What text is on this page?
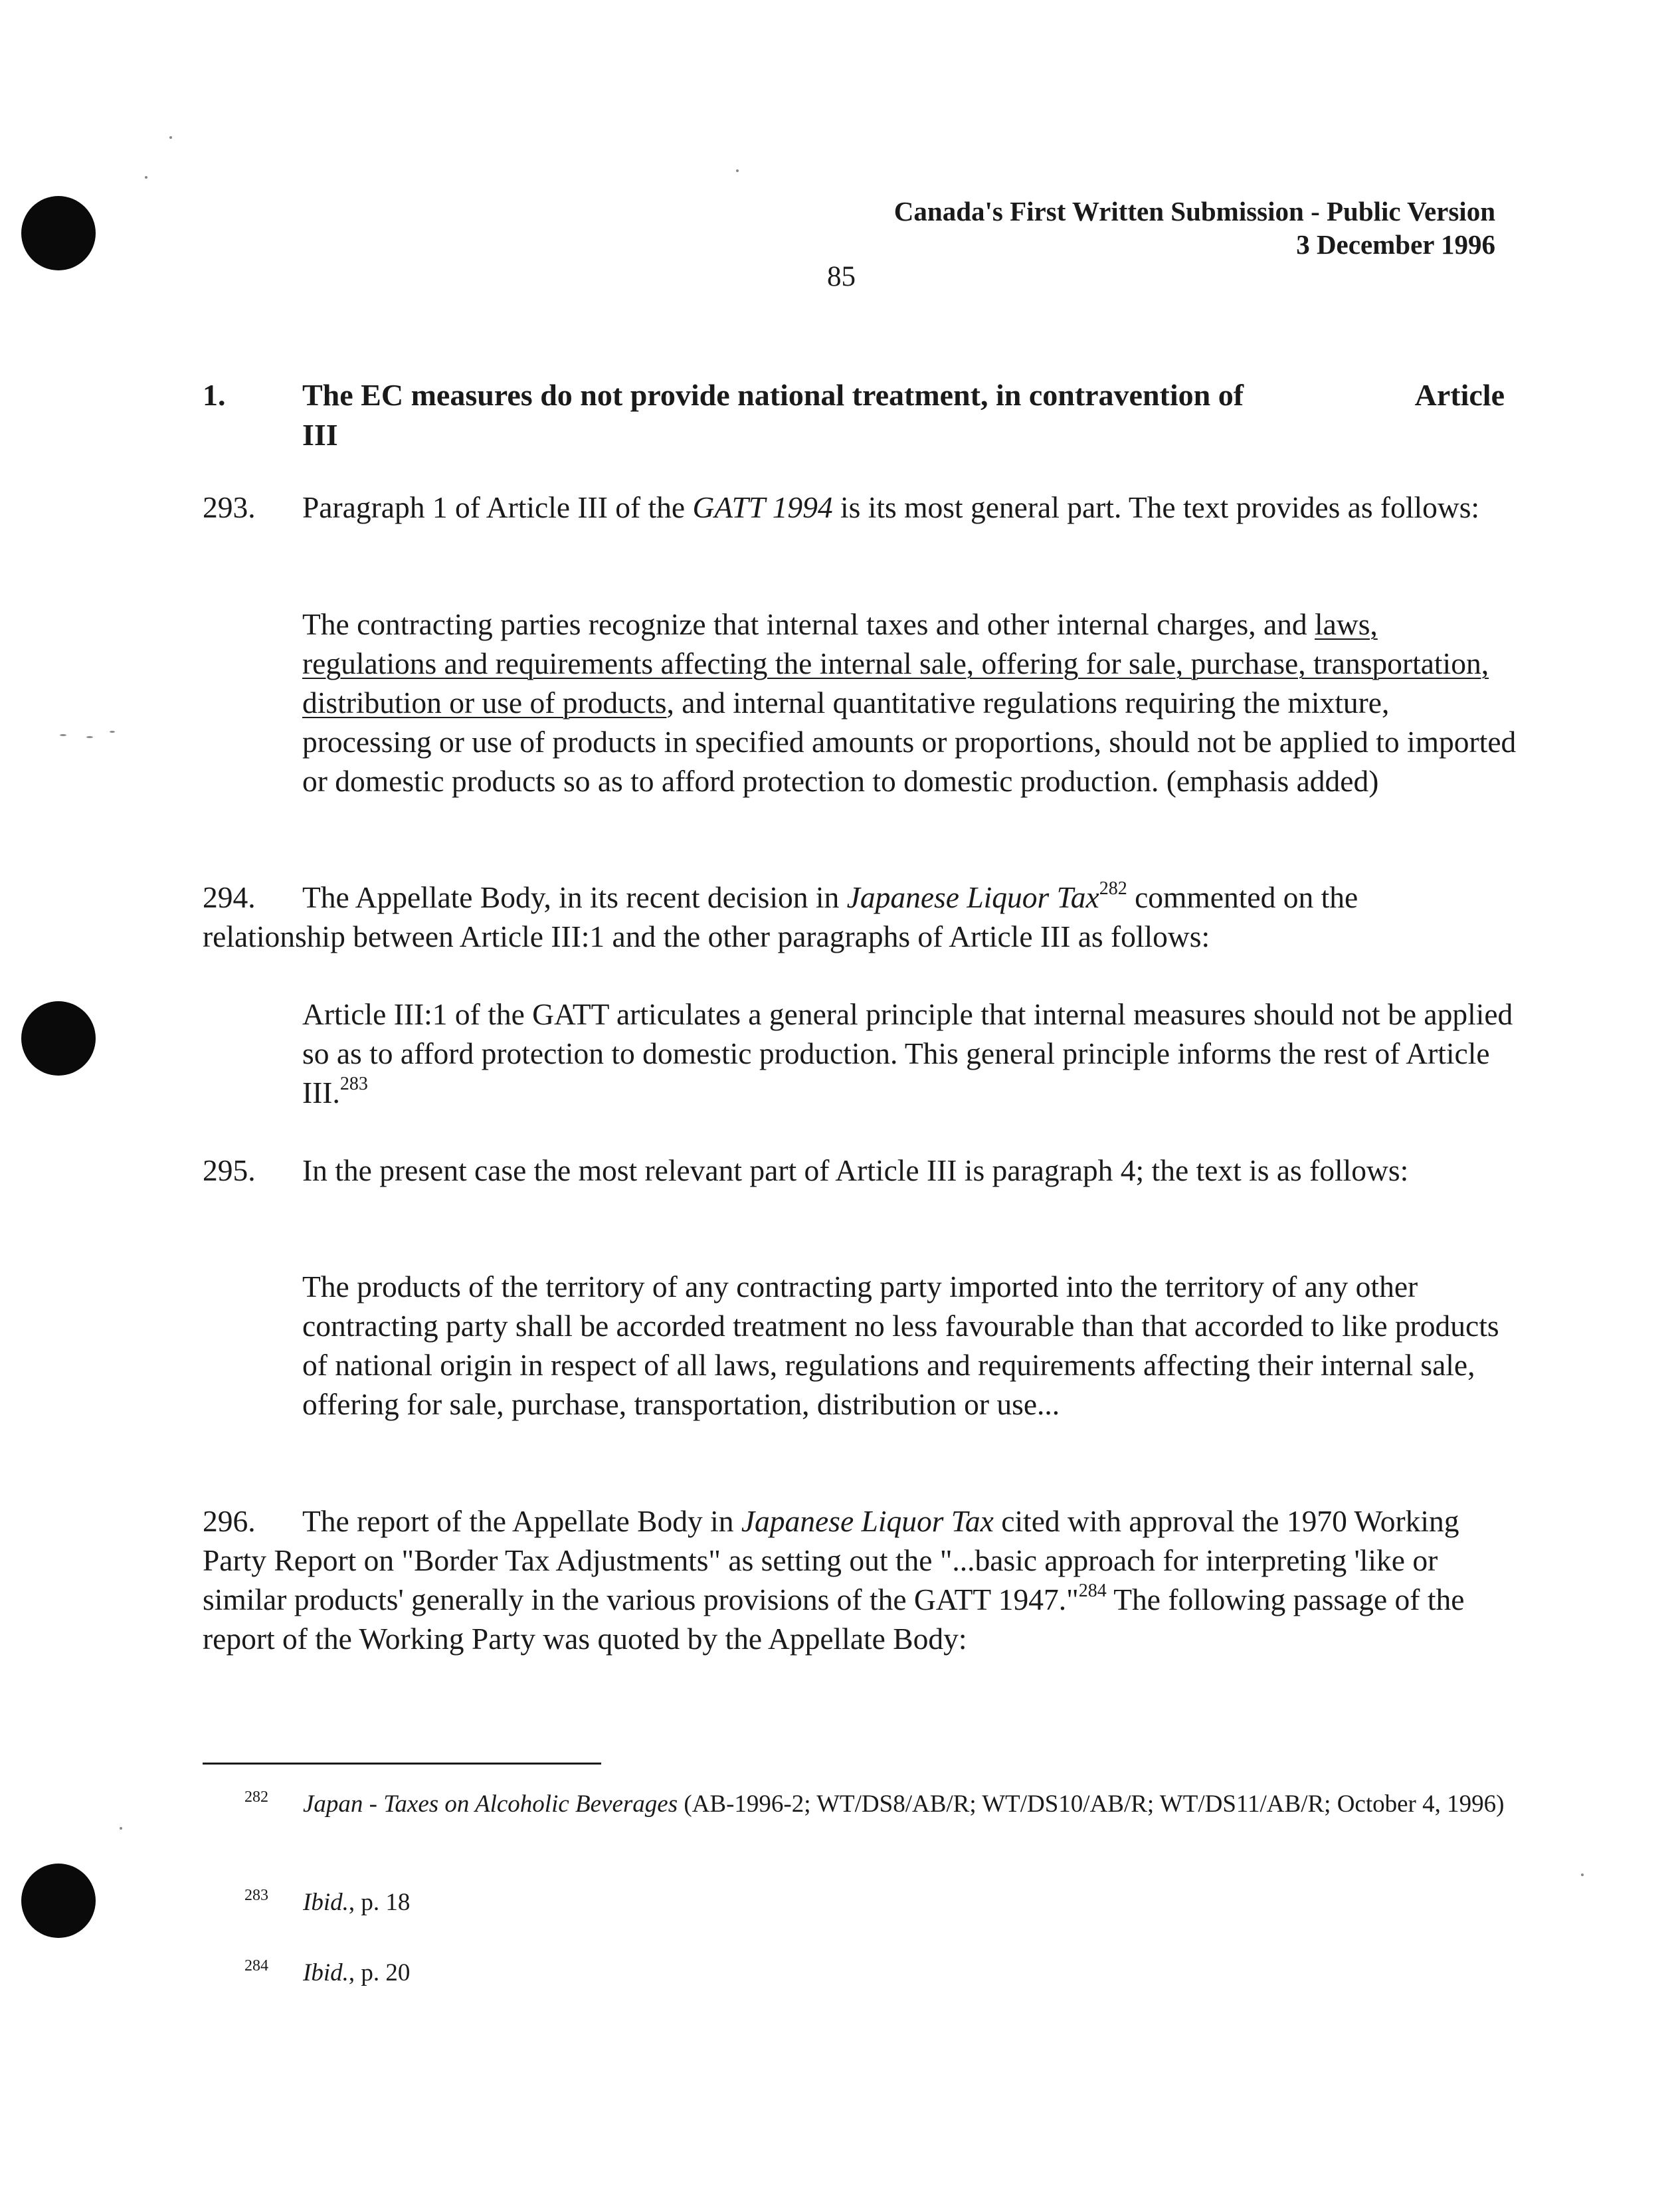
Canada's First Written Submission - Public Version
3 December 1996
85
1.	The EC measures do not provide national treatment, in contravention of	Article
III
293. Paragraph 1 of Article III of the GATT 1994 is its most general part. The text provides as follows:
The contracting parties recognize that internal taxes and other internal charges, and laws, regulations and requirements affecting the internal sale, offering for sale, purchase, transportation, distribution or use of products, and internal quantitative regulations requiring the mixture, processing or use of products in specified amounts or proportions, should not be applied to imported or domestic products so as to afford protection to domestic production. (emphasis added)
294. The Appellate Body, in its recent decision in Japanese Liquor Tax$^{282}$ commented on the relationship between Article III:1 and the other paragraphs of Article III as follows:
Article III:1 of the GATT articulates a general principle that internal measures should not be applied so as to afford protection to domestic production. This general principle informs the rest of Article III.$^{283}$
295. In the present case the most relevant part of Article III is paragraph 4; the text is as follows:
The products of the territory of any contracting party imported into the territory of any other contracting party shall be accorded treatment no less favourable than that accorded to like products of national origin in respect of all laws, regulations and requirements affecting their internal sale, offering for sale, purchase, transportation, distribution or use...
296. The report of the Appellate Body in Japanese Liquor Tax cited with approval the 1970 Working Party Report on "Border Tax Adjustments" as setting out the "...basic approach for interpreting 'like or similar products' generally in the various provisions of the GATT 1947."$^{284}$ The following passage of the report of the Working Party was quoted by the Appellate Body:
282 Japan - Taxes on Alcoholic Beverages (AB-1996-2; WT/DS8/AB/R; WT/DS10/AB/R; WT/DS11/AB/R; October 4, 1996)
283 Ibid., p. 18
284 Ibid., p. 20
